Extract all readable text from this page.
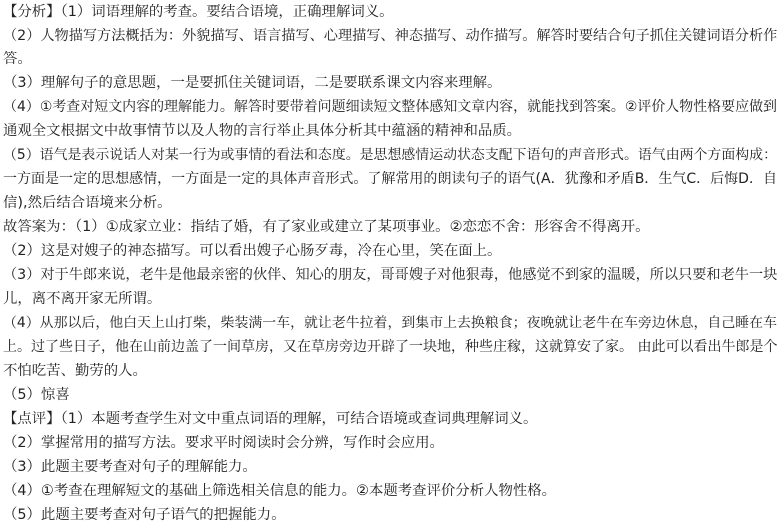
【分析】（1）词语理解的考查。要结合语境，正确理解词义。
（2）人物描写方法概括为：外貌描写、语言描写、心理描写、神态描写、动作描写。解答时要结合句子抓住关键词语分析作
答。
（3）理解句子的意思题，一是要抓住关键词语，二是要联系课文内容来理解。
（4）①考查对短文内容的理解能力。解答时要带着问题细读短文整体感知文章内容，就能找到答案。②评价人物性格要应做到
通观全文根据文中故事情节以及人物的言行举止具体分析其中蕴涵的精神和品质。
（5）语气是表示说话人对某一行为或事情的看法和态度。是思想感情运动状态支配下语句的声音形式。语气由两个方面构成：
一方面是一定的思想感情，一方面是一定的具体声音形式。了解常用的朗读句子的语气(A．犹豫和矛盾B．生气C．后悔D．自
信),然后结合语境来分析。
故答案为：（1）①成家立业：指结了婚，有了家业或建立了某项事业。②恋恋不舍：形容舍不得离开。
（2）这是对嫂子的神态描写。可以看出嫂子心肠歹毒，冷在心里，笑在面上。
（3）对于牛郎来说，老牛是他最亲密的伙伴、知心的朋友，哥哥嫂子对他狠毒，他感觉不到家的温暖，所以只要和老牛一块
儿，离不离开家无所谓。
（4）从那以后，他白天上山打柴，柴装满一车，就让老牛拉着，到集市上去换粮食；夜晚就让老牛在车旁边休息，自己睡在车
上。过了些日子，他在山前边盖了一间草房，又在草房旁边开辟了一块地，种些庄稼，这就算安了家。 由此可以看出牛郎是个
不怕吃苦、勤劳的人。
（5）惊喜
【点评】（1）本题考查学生对文中重点词语的理解，可结合语境或查词典理解词义。
（2）掌握常用的描写方法。要求平时阅读时会分辨，写作时会应用。
（3）此题主要考查对句子的理解能力。
（4）①考查在理解短文的基础上筛选相关信息的能力。②本题考查评价分析人物性格。
（5）此题主要考查对句子语气的把握能力。
